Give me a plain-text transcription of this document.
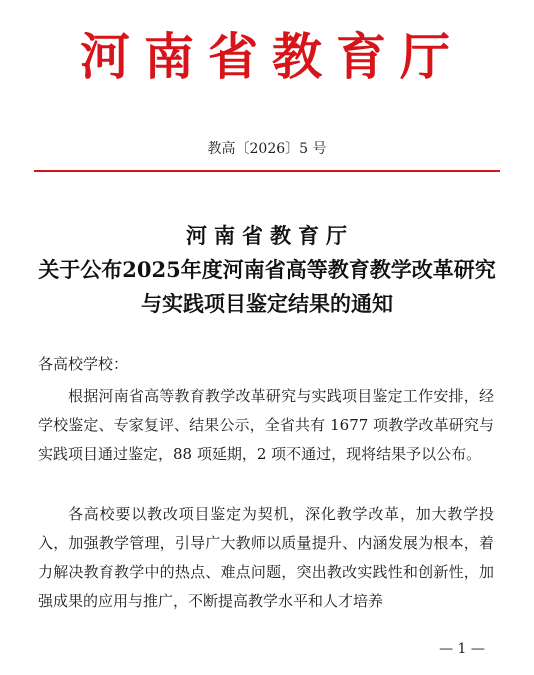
河南省教育厅
教高〔2026〕5 号
河南省教育厅
关于公布2025年度河南省高等教育教学改革研究
与实践项目鉴定结果的通知
各高校学校：

根据河南省高等教育教学改革研究与实践项目鉴定工作安排，经学校鉴定、专家复评、结果公示，全省共有 1677 项教学改革研究与实践项目通过鉴定，88 项延期，2 项不通过，现将结果予以公布。

各高校要以教改项目鉴定为契机，深化教学改革，加大教学投入，加强教学管理，引导广大教师以质量提升、内涵发展为根本，着力解决教育教学中的热点、难点问题，突出教改实践性和创新性，加强成果的应用与推广，不断提高教学水平和人才培养

— 1 —
